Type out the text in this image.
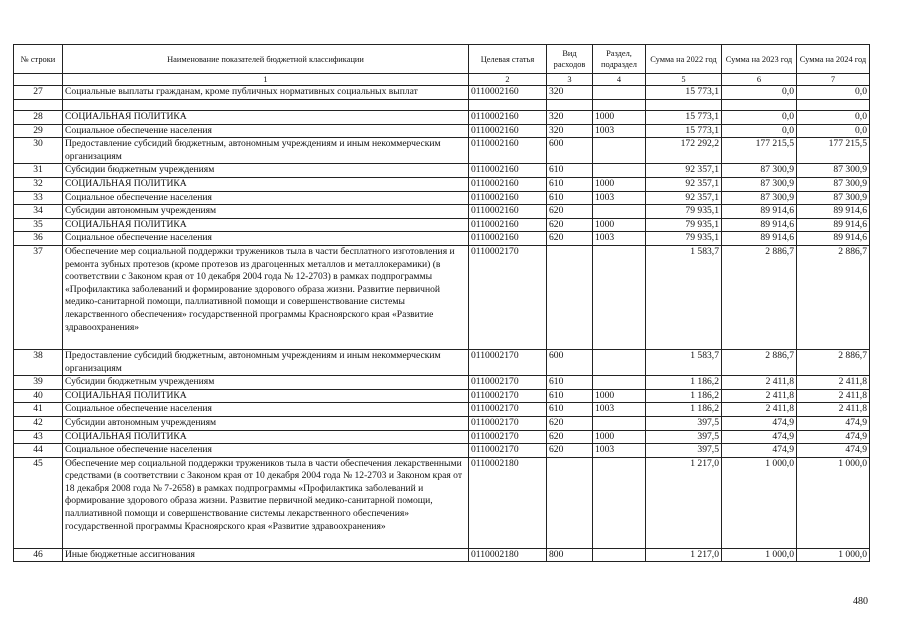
№ строки	Наименование показателей бюджетной классификации	Целевая статья	Вид расходов	Раздел, подраздел	Сумма на 2022 год	Сумма на 2023 год	Сумма на 2024 год
	1	2	3	4	5	6	7
27	Социальные выплаты гражданам, кроме публичных нормативных социальных выплат	0110002160	320		15 773,1	0,0	0,0

28	СОЦИАЛЬНАЯ ПОЛИТИКА	0110002160	320	1000	15 773,1	0,0	0,0
29	Социальное обеспечение населения	0110002160	320	1003	15 773,1	0,0	0,0
30	Предоставление субсидий бюджетным, автономным учреждениям и иным некоммерческим организациям	0110002160	600		172 292,2	177 215,5	177 215,5
31	Субсидии бюджетным учреждениям	0110002160	610		92 357,1	87 300,9	87 300,9
32	СОЦИАЛЬНАЯ ПОЛИТИКА	0110002160	610	1000	92 357,1	87 300,9	87 300,9
33	Социальное обеспечение населения	0110002160	610	1003	92 357,1	87 300,9	87 300,9
34	Субсидии автономным учреждениям	0110002160	620		79 935,1	89 914,6	89 914,6
35	СОЦИАЛЬНАЯ ПОЛИТИКА	0110002160	620	1000	79 935,1	89 914,6	89 914,6
36	Социальное обеспечение населения	0110002160	620	1003	79 935,1	89 914,6	89 914,6
37	Обеспечение мер социальной поддержки тружеников тыла в части бесплатного изготовления и ремонта зубных протезов (кроме протезов из драгоценных металлов и металлокерамики) (в соответствии с Законом края от 10 декабря 2004 года № 12-2703) в рамках подпрограммы «Профилактика заболеваний и формирование здорового образа жизни. Развитие первичной медико-санитарной помощи, паллиативной помощи и совершенствование системы лекарственного обеспечения» государственной программы Красноярского края «Развитие здравоохранения»	0110002170			1 583,7	2 886,7	2 886,7
38	Предоставление субсидий бюджетным, автономным учреждениям и иным некоммерческим организациям	0110002170	600		1 583,7	2 886,7	2 886,7
39	Субсидии бюджетным учреждениям	0110002170	610		1 186,2	2 411,8	2 411,8
40	СОЦИАЛЬНАЯ ПОЛИТИКА	0110002170	610	1000	1 186,2	2 411,8	2 411,8
41	Социальное обеспечение населения	0110002170	610	1003	1 186,2	2 411,8	2 411,8
42	Субсидии автономным учреждениям	0110002170	620		397,5	474,9	474,9
43	СОЦИАЛЬНАЯ ПОЛИТИКА	0110002170	620	1000	397,5	474,9	474,9
44	Социальное обеспечение населения	0110002170	620	1003	397,5	474,9	474,9
45	Обеспечение мер социальной поддержки тружеников тыла в части обеспечения лекарственными средствами (в соответствии с Законом края от 10 декабря 2004 года № 12-2703 и Законом края от 18 декабря 2008 года № 7-2658) в рамках подпрограммы «Профилактика заболеваний и формирование здорового образа жизни. Развитие первичной медико-санитарной помощи, паллиативной помощи и совершенствование системы лекарственного обеспечения» государственной программы Красноярского края «Развитие здравоохранения»	0110002180			1 217,0	1 000,0	1 000,0
46	Иные бюджетные ассигнования	0110002180	800		1 217,0	1 000,0	1 000,0
480
